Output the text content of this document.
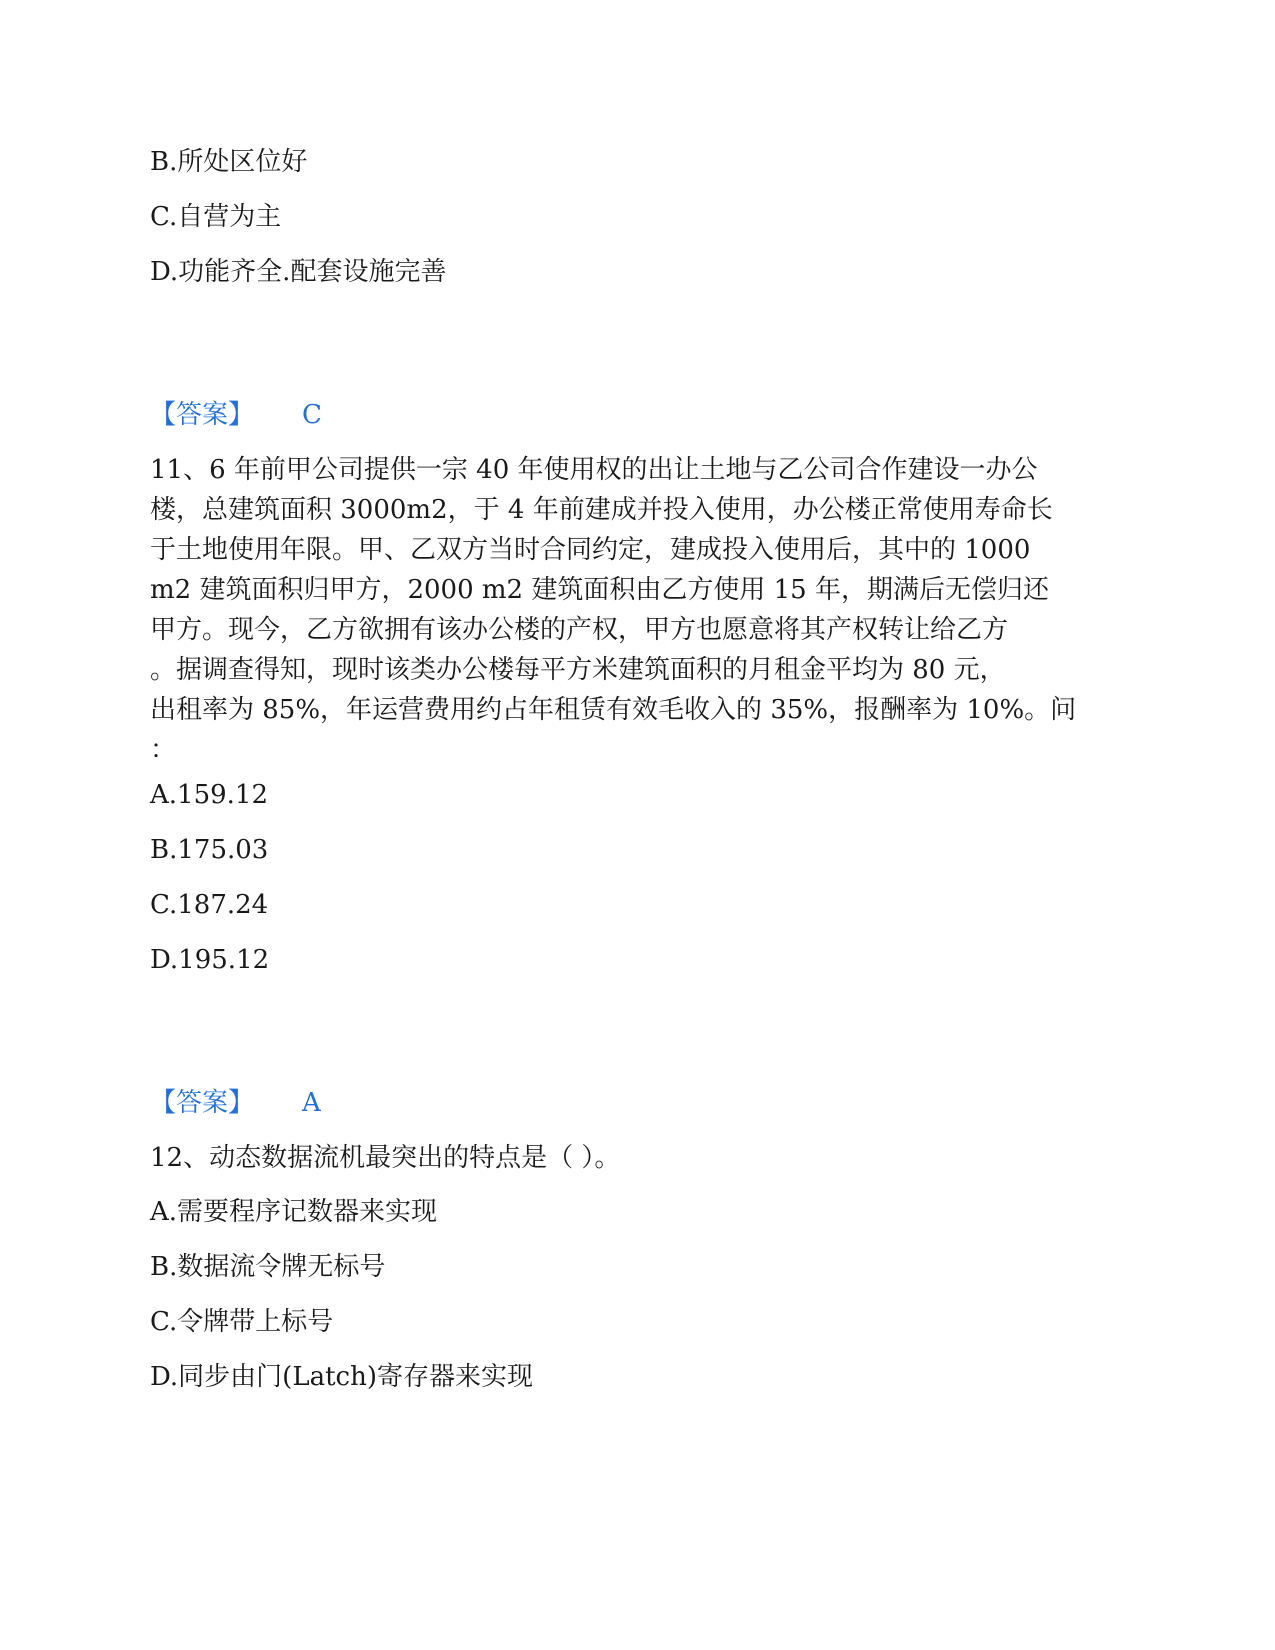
B.所处区位好
C.自营为主
D.功能齐全.配套设施完善
【答案】 C
11、6 年前甲公司提供一宗 40 年使用权的出让土地与乙公司合作建设一办公
楼，总建筑面积 3000m2，于 4 年前建成并投入使用，办公楼正常使用寿命长
于土地使用年限。甲、乙双方当时合同约定，建成投入使用后，其中的 1000
m2 建筑面积归甲方，2000 m2 建筑面积由乙方使用 15 年，期满后无偿归还
甲方。现今，乙方欲拥有该办公楼的产权，甲方也愿意将其产权转让给乙方
。据调查得知，现时该类办公楼每平方米建筑面积的月租金平均为 80 元，
出租率为 85%，年运营费用约占年租赁有效毛收入的 35%，报酬率为 10%。问
：
A.159.12
B.175.03
C.187.24
D.195.12
【答案】 A
12、动态数据流机最突出的特点是（ ）。
A.需要程序记数器来实现
B.数据流令牌无标号
C.令牌带上标号
D.同步由门(Latch)寄存器来实现
